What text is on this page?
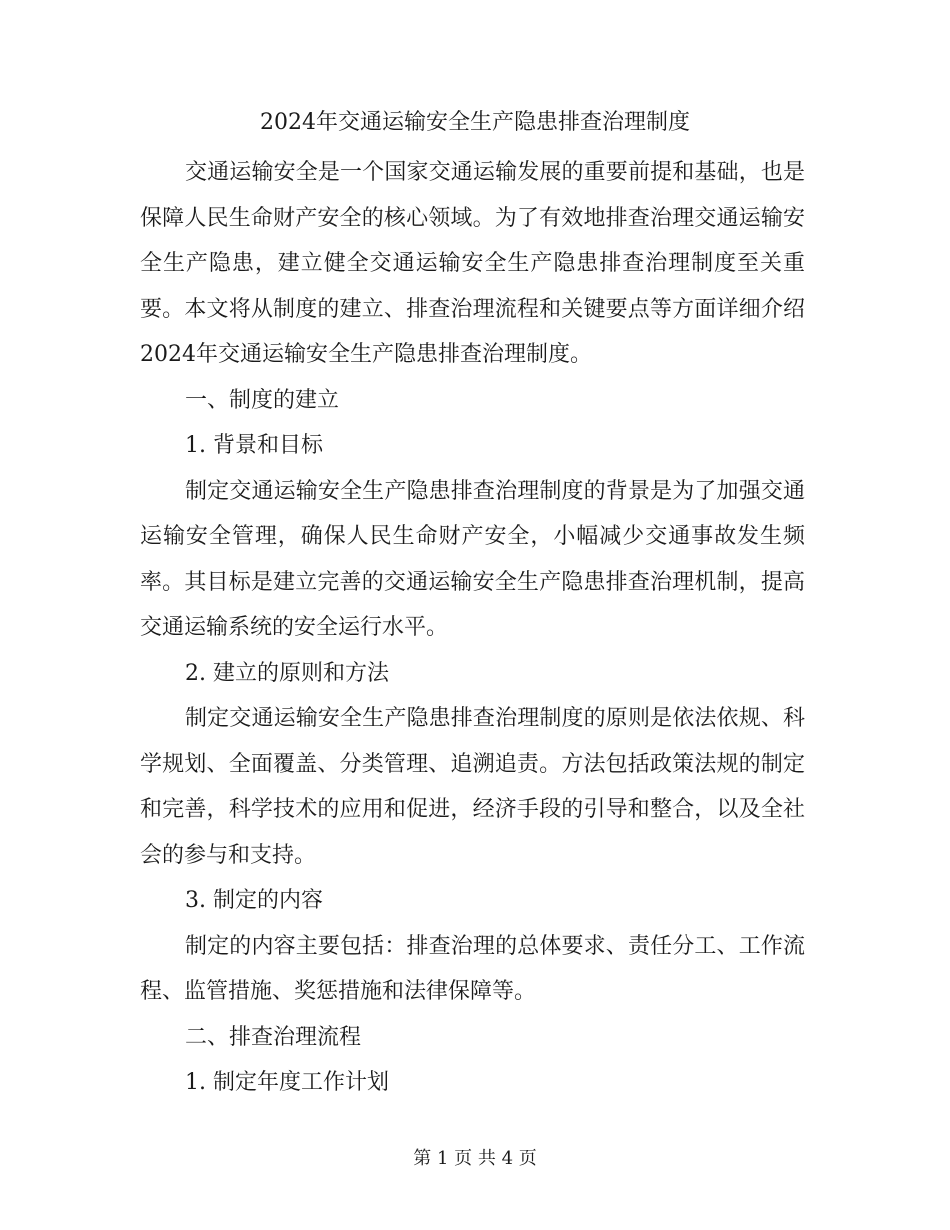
2024年交通运输安全生产隐患排查治理制度

交通运输安全是一个国家交通运输发展的重要前提和基础，也是保障人民生命财产安全的核心领域。为了有效地排查治理交通运输安全生产隐患，建立健全交通运输安全生产隐患排查治理制度至关重要。本文将从制度的建立、排查治理流程和关键要点等方面详细介绍2024年交通运输安全生产隐患排查治理制度。

一、制度的建立

1. 背景和目标

制定交通运输安全生产隐患排查治理制度的背景是为了加强交通运输安全管理，确保人民生命财产安全，小幅减少交通事故发生频率。其目标是建立完善的交通运输安全生产隐患排查治理机制，提高交通运输系统的安全运行水平。

2. 建立的原则和方法

制定交通运输安全生产隐患排查治理制度的原则是依法依规、科学规划、全面覆盖、分类管理、追溯追责。方法包括政策法规的制定和完善，科学技术的应用和促进，经济手段的引导和整合，以及全社会的参与和支持。

3. 制定的内容

制定的内容主要包括：排查治理的总体要求、责任分工、工作流程、监管措施、奖惩措施和法律保障等。

二、排查治理流程

1. 制定年度工作计划

第 1 页 共 4 页
